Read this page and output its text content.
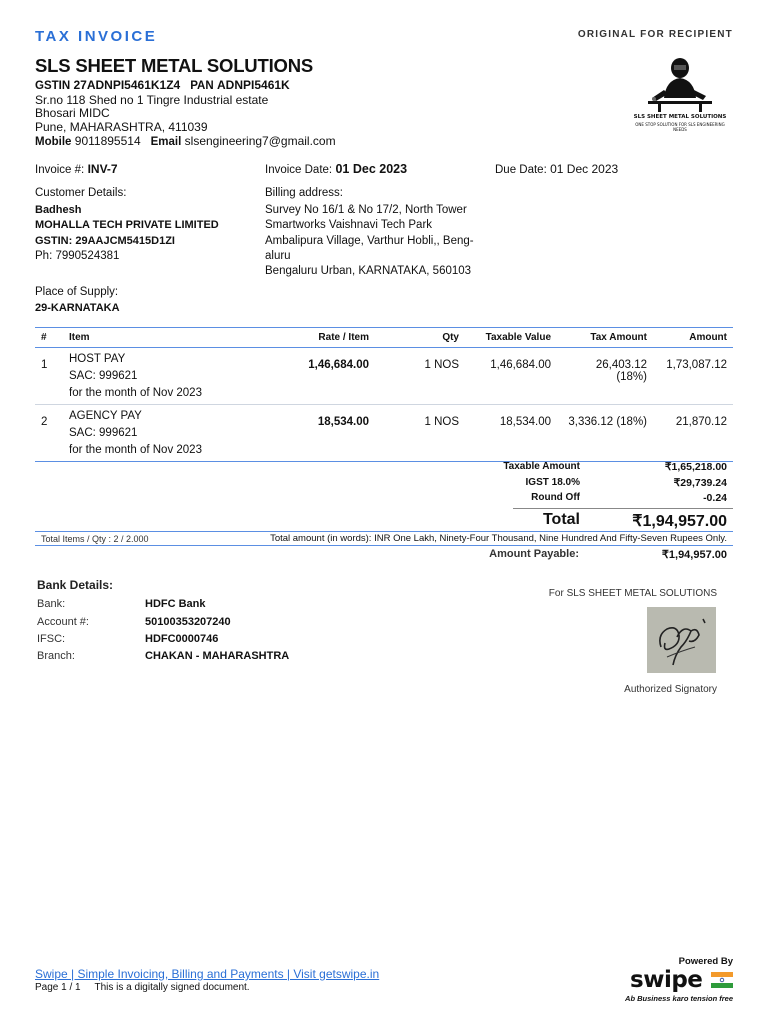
TAX INVOICE	ORIGINAL FOR RECIPIENT
SLS SHEET METAL SOLUTIONS
GSTIN 27ADNPI5461K1Z4 PAN ADNPI5461K
Sr.no 118 Shed no 1 Tingre Industrial estate
Bhosari MIDC
Pune, MAHARASHTRA, 411039
Mobile 9011895514 Email slsengineering7@gmail.com
SLS SHEET METAL SOLUTIONS
ONE STOP SOLUTION FOR SLS ENGINEERING NEEDS
Invoice #: INV-7	Invoice Date: 01 Dec 2023	Due Date: 01 Dec 2023
Customer Details:
Badhesh
MOHALLA TECH PRIVATE LIMITED
GSTIN: 29AAJCM5415D1ZI
Ph: 7990524381
Place of Supply:
29-KARNATAKA
Billing address:
Survey No 16/1 & No 17/2, North Tower
Smartworks Vaishnavi Tech Park
Ambalipura Village, Varthur Hobli,, Beng-
aluru
Bengaluru Urban, KARNATAKA, 560103
#	Item	Rate / Item	Qty	Taxable Value	Tax Amount	Amount
1	HOST PAY
SAC: 999621
for the month of Nov 2023	1,46,684.00	1 NOS	1,46,684.00	26,403.12 (18%)	1,73,087.12
2	AGENCY PAY
SAC: 999621
for the month of Nov 2023	18,534.00	1 NOS	18,534.00	3,336.12 (18%)	21,870.12
Taxable Amount	₹1,65,218.00
IGST 18.0%	₹29,739.24
Round Off	-0.24
Total	₹1,94,957.00
Total Items / Qty : 2 / 2.000	Total amount (in words): INR One Lakh, Ninety-Four Thousand, Nine Hundred And Fifty-Seven Rupees Only.
Amount Payable:	₹1,94,957.00
Bank Details:
Bank:	HDFC Bank
Account #:	50100353207240
IFSC:	HDFC0000746
Branch:	CHAKAN - MAHARASHTRA
For SLS SHEET METAL SOLUTIONS
Authorized Signatory
Swipe | Simple Invoicing, Billing and Payments | Visit getswipe.in
Page 1 / 1 This is a digitally signed document.
Powered By
swipe
Ab Business karo tension free
